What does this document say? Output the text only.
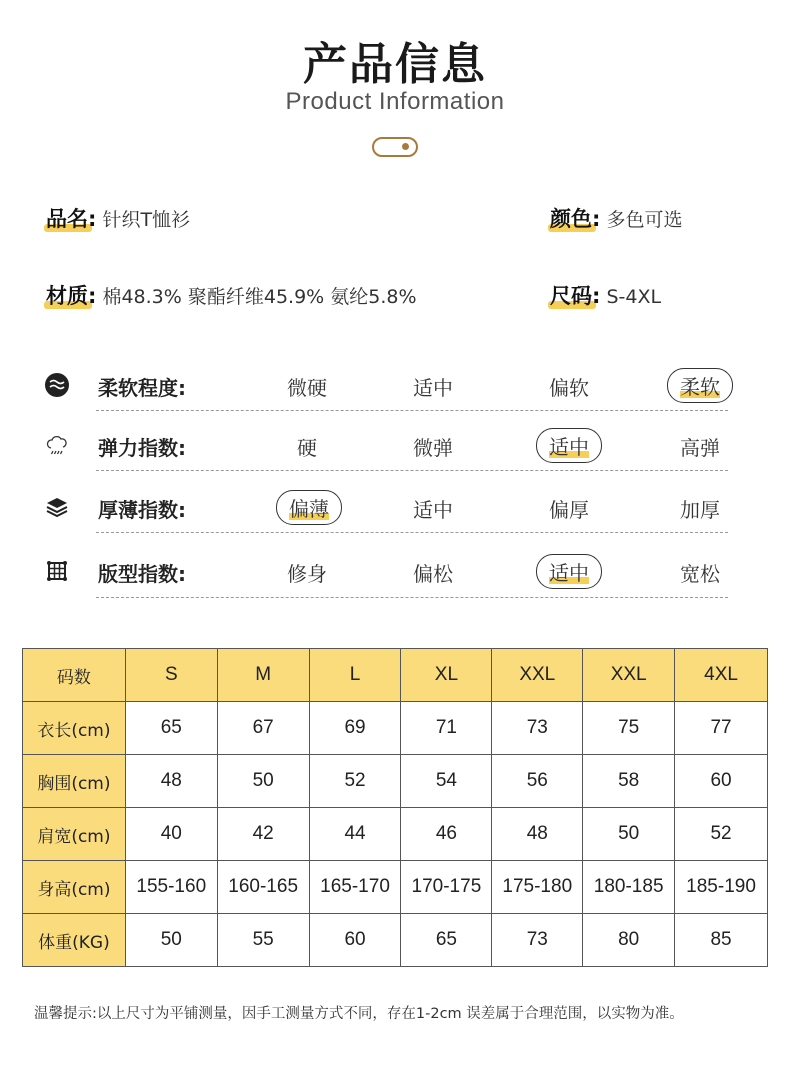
产品信息
Product Information
品名: 针织T恤衫	颜色: 多色可选
材质: 棉48.3% 聚酯纤维45.9% 氨纶5.8%	尺码: S-4XL
柔软程度:	微硬	适中	偏软	柔软
弹力指数:	硬	微弹	适中	高弹
厚薄指数:	偏薄	适中	偏厚	加厚
版型指数:	修身	偏松	适中	宽松
码数	S	M	L	XL	XXL	XXL	4XL
衣长(cm)	65	67	69	71	73	75	77
胸围(cm)	48	50	52	54	56	58	60
肩宽(cm)	40	42	44	46	48	50	52
身高(cm)	155-160	160-165	165-170	170-175	175-180	180-185	185-190
体重(KG)	50	55	60	65	73	80	85
温馨提示:以上尺寸为平铺测量，因手工测量方式不同，存在1-2cm 误差属于合理范围，以实物为准。
